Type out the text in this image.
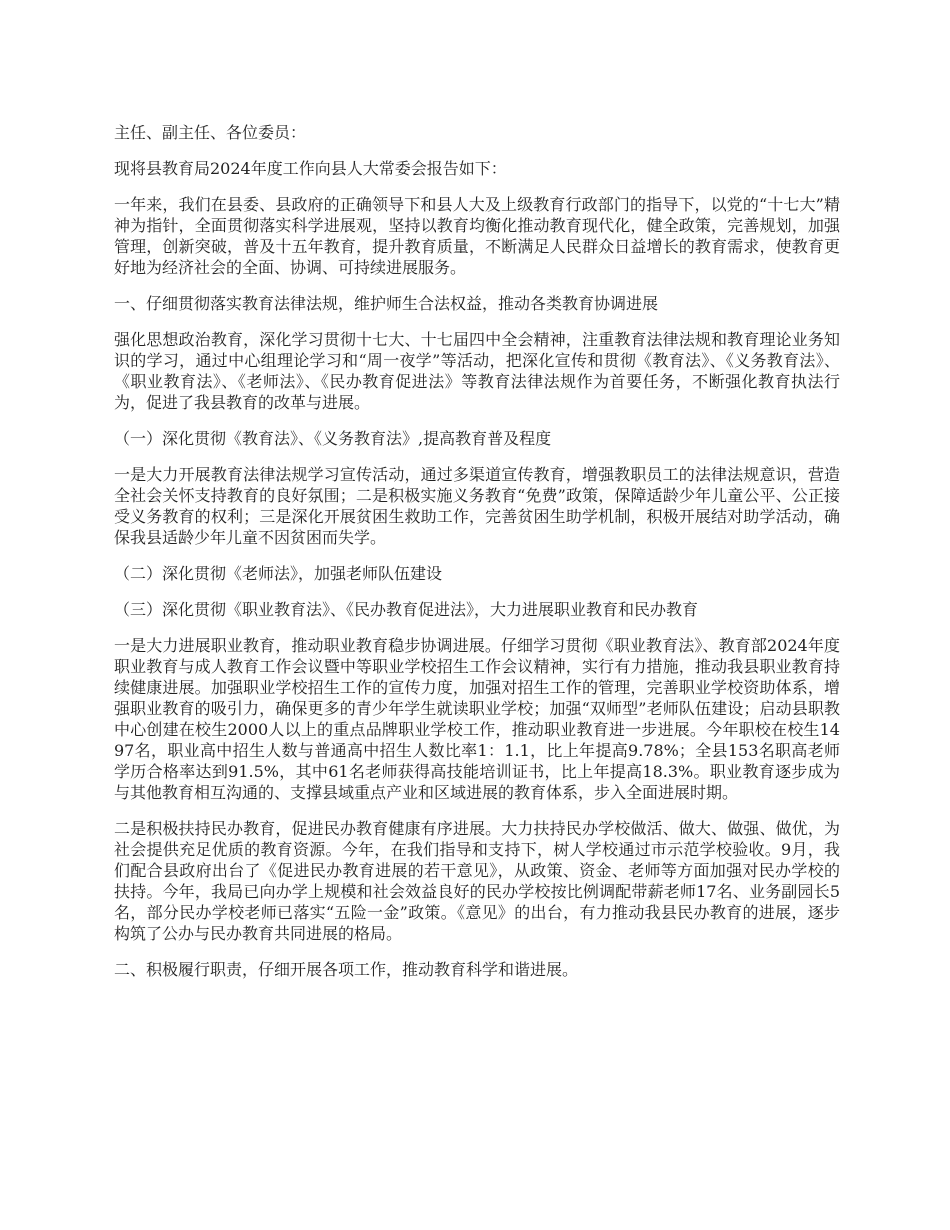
主任、副主任、各位委员：

现将县教育局2024年度工作向县人大常委会报告如下：

一年来，我们在县委、县政府的正确领导下和县人大及上级教育行政部门的指导下，以党的“十七大”精神为指针，全面贯彻落实科学进展观，坚持以教育均衡化推动教育现代化，健全政策，完善规划，加强管理，创新突破，普及十五年教育，提升教育质量，不断满足人民群众日益增长的教育需求，使教育更好地为经济社会的全面、协调、可持续进展服务。

一、仔细贯彻落实教育法律法规，维护师生合法权益，推动各类教育协调进展

强化思想政治教育，深化学习贯彻十七大、十七届四中全会精神，注重教育法律法规和教育理论业务知识的学习，通过中心组理论学习和“周一夜学”等活动，把深化宣传和贯彻《教育法》、《义务教育法》、《职业教育法》、《老师法》、《民办教育促进法》等教育法律法规作为首要任务，不断强化教育执法行为，促进了我县教育的改革与进展。

（一）深化贯彻《教育法》、《义务教育法》,提高教育普及程度

一是大力开展教育法律法规学习宣传活动，通过多渠道宣传教育，增强教职员工的法律法规意识，营造全社会关怀支持教育的良好氛围；二是积极实施义务教育“免费”政策，保障适龄少年儿童公平、公正接受义务教育的权利；三是深化开展贫困生救助工作，完善贫困生助学机制，积极开展结对助学活动，确保我县适龄少年儿童不因贫困而失学。

（二）深化贯彻《老师法》，加强老师队伍建设

（三）深化贯彻《职业教育法》、《民办教育促进法》，大力进展职业教育和民办教育

一是大力进展职业教育，推动职业教育稳步协调进展。仔细学习贯彻《职业教育法》、教育部2024年度职业教育与成人教育工作会议暨中等职业学校招生工作会议精神，实行有力措施，推动我县职业教育持续健康进展。加强职业学校招生工作的宣传力度，加强对招生工作的管理，完善职业学校资助体系，增强职业教育的吸引力，确保更多的青少年学生就读职业学校；加强“双师型”老师队伍建设；启动县职教中心创建在校生2000人以上的重点品牌职业学校工作，推动职业教育进一步进展。今年职校在校生1497名，职业高中招生人数与普通高中招生人数比率1：1.1，比上年提高9.78%；全县153名职高老师学历合格率达到91.5%，其中61名老师获得高技能培训证书，比上年提高18.3%。职业教育逐步成为与其他教育相互沟通的、支撑县域重点产业和区域进展的教育体系，步入全面进展时期。

二是积极扶持民办教育，促进民办教育健康有序进展。大力扶持民办学校做活、做大、做强、做优，为社会提供充足优质的教育资源。今年，在我们指导和支持下，树人学校通过市示范学校验收。9月，我们配合县政府出台了《促进民办教育进展的若干意见》，从政策、资金、老师等方面加强对民办学校的扶持。今年，我局已向办学上规模和社会效益良好的民办学校按比例调配带薪老师17名、业务副园长5名，部分民办学校老师已落实“五险一金”政策。《意见》的出台，有力推动我县民办教育的进展，逐步构筑了公办与民办教育共同进展的格局。

二、积极履行职责，仔细开展各项工作，推动教育科学和谐进展。
